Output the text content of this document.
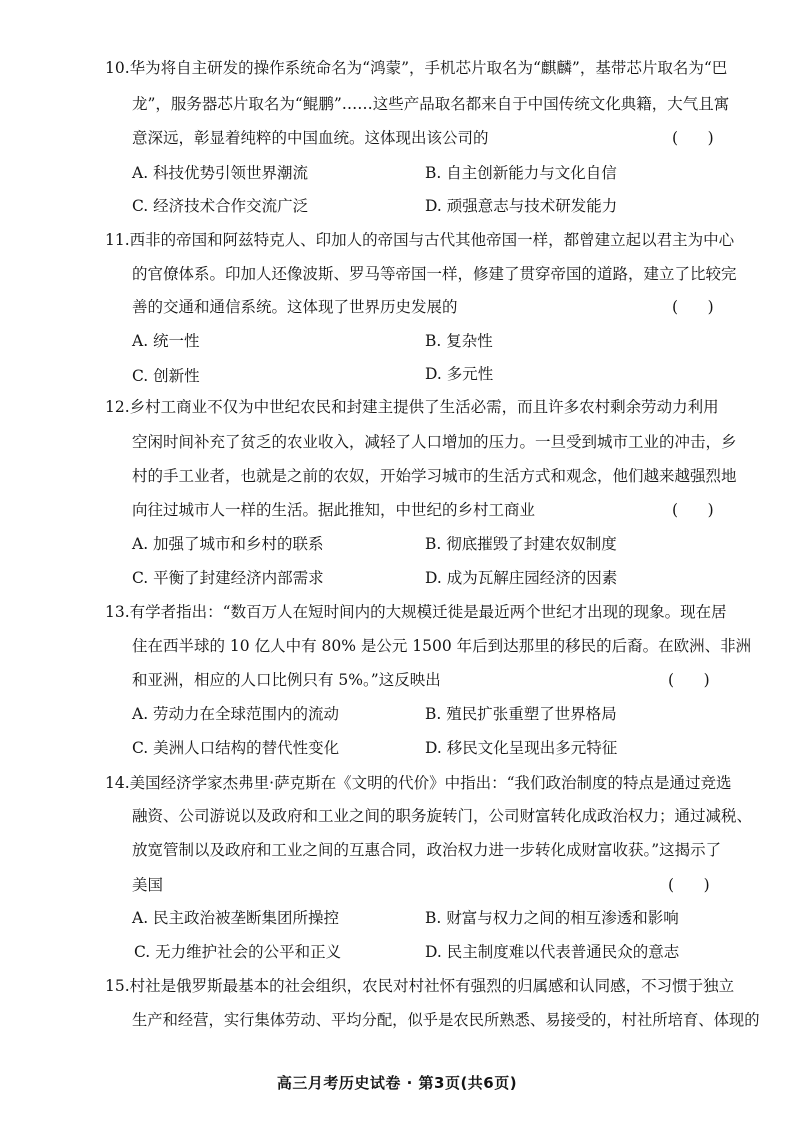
10.华为将自主研发的操作系统命名为“鸿蒙”，手机芯片取名为“麒麟”，基带芯片取名为“巴
龙”，服务器芯片取名为“鲲鹏”……这些产品取名都来自于中国传统文化典籍，大气且寓
意深远，彰显着纯粹的中国血统。这体现出该公司的	(      )
A. 科技优势引领世界潮流	B. 自主创新能力与文化自信
C. 经济技术合作交流广泛	D. 顽强意志与技术研发能力
11.西非的帝国和阿兹特克人、印加人的帝国与古代其他帝国一样，都曾建立起以君主为中心
的官僚体系。印加人还像波斯、罗马等帝国一样，修建了贯穿帝国的道路，建立了比较完
善的交通和通信系统。这体现了世界历史发展的	(      )
A. 统一性	B. 复杂性
C. 创新性	D. 多元性
12.乡村工商业不仅为中世纪农民和封建主提供了生活必需，而且许多农村剩余劳动力利用
空闲时间补充了贫乏的农业收入，减轻了人口增加的压力。一旦受到城市工业的冲击，乡
村的手工业者，也就是之前的农奴，开始学习城市的生活方式和观念，他们越来越强烈地
向往过城市人一样的生活。据此推知，中世纪的乡村工商业	(      )
A. 加强了城市和乡村的联系	B. 彻底摧毁了封建农奴制度
C. 平衡了封建经济内部需求	D. 成为瓦解庄园经济的因素
13.有学者指出：“数百万人在短时间内的大规模迁徙是最近两个世纪才出现的现象。现在居
住在西半球的 10 亿人中有 80% 是公元 1500 年后到达那里的移民的后裔。在欧洲、非洲
和亚洲，相应的人口比例只有 5%。”这反映出	(      )
A. 劳动力在全球范围内的流动	B. 殖民扩张重塑了世界格局
C. 美洲人口结构的替代性变化	D. 移民文化呈现出多元特征
14.美国经济学家杰弗里·萨克斯在《文明的代价》中指出：“我们政治制度的特点是通过竞选
融资、公司游说以及政府和工业之间的职务旋转门，公司财富转化成政治权力；通过减税、
放宽管制以及政府和工业之间的互惠合同，政治权力进一步转化成财富收获。”这揭示了
美国	(      )
A. 民主政治被垄断集团所操控	B. 财富与权力之间的相互渗透和影响
C. 无力维护社会的公平和正义	D. 民主制度难以代表普通民众的意志
15.村社是俄罗斯最基本的社会组织，农民对村社怀有强烈的归属感和认同感，不习惯于独立
生产和经营，实行集体劳动、平均分配，似乎是农民所熟悉、易接受的，村社所培育、体现的
高三月考历史试卷 · 第3页(共6页)
